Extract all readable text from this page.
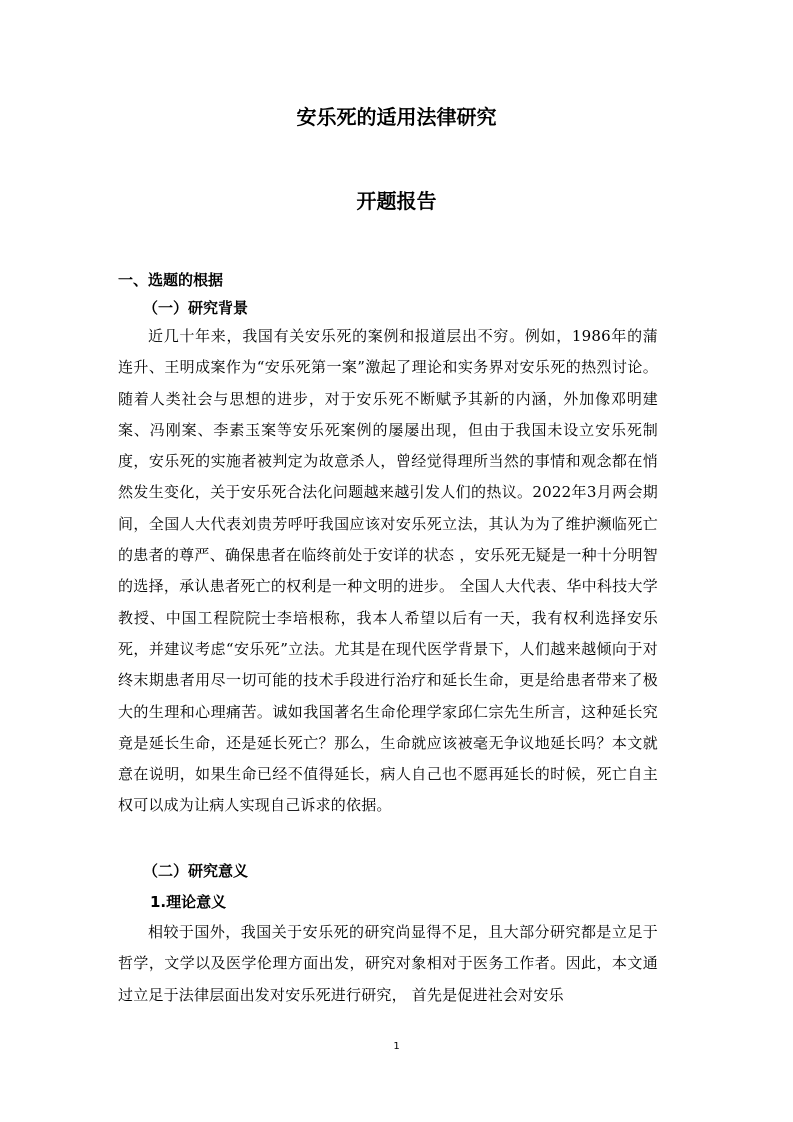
安乐死的适用法律研究
开题报告
一、选题的根据
（一）研究背景
近几十年来，我国有关安乐死的案例和报道层出不穷。例如，1986年的蒲连升、王明成案作为“安乐死第一案”激起了理论和实务界对安乐死的热烈讨论。随着人类社会与思想的进步，对于安乐死不断赋予其新的内涵，外加像邓明建案、冯刚案、李素玉案等安乐死案例的屡屡出现，但由于我国未设立安乐死制度，安乐死的实施者被判定为故意杀人，曾经觉得理所当然的事情和观念都在悄然发生变化，关于安乐死合法化问题越来越引发人们的热议。2022年3月两会期间，全国人大代表刘贵芳呼吁我国应该对安乐死立法，其认为为了维护濒临死亡的患者的尊严、确保患者在临终前处于安详的状态 ，安乐死无疑是一种十分明智的选择，承认患者死亡的权利是一种文明的进步。 全国人大代表、华中科技大学教授、中国工程院院士李培根称，我本人希望以后有一天，我有权利选择安乐死，并建议考虑“安乐死”立法。尤其是在现代医学背景下，人们越来越倾向于对终末期患者用尽一切可能的技术手段进行治疗和延长生命，更是给患者带来了极大的生理和心理痛苦。诚如我国著名生命伦理学家邱仁宗先生所言，这种延长究竟是延长生命，还是延长死亡？那么，生命就应该被毫无争议地延长吗？本文就意在说明，如果生命已经不值得延长，病人自己也不愿再延长的时候，死亡自主权可以成为让病人实现自己诉求的依据。
（二）研究意义
1.理论意义
相较于国外，我国关于安乐死的研究尚显得不足，且大部分研究都是立足于哲学，文学以及医学伦理方面出发，研究对象相对于医务工作者。因此，本文通过立足于法律层面出发对安乐死进行研究， 首先是促进社会对安乐
1
